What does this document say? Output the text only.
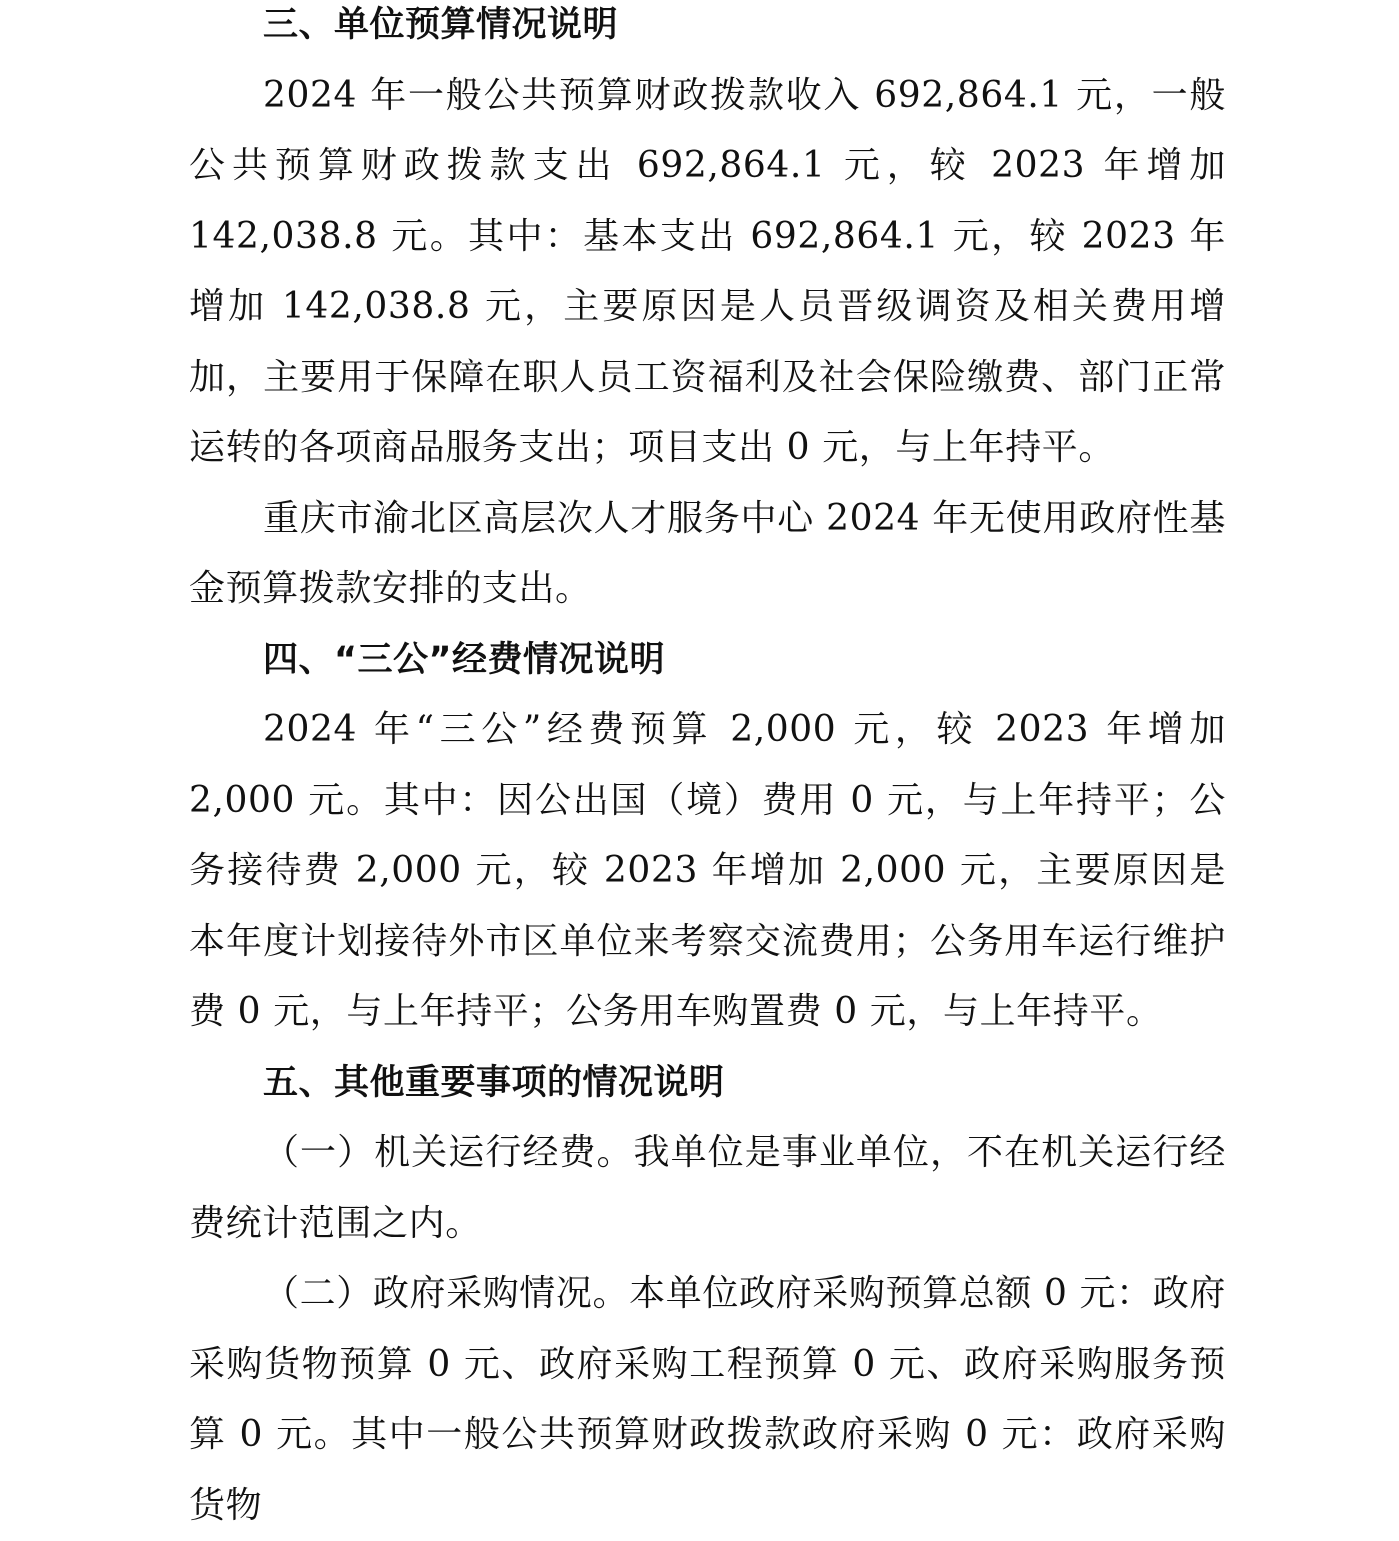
三、单位预算情况说明

2024 年一般公共预算财政拨款收入 692,864.1 元，一般公共预算财政拨款支出 692,864.1 元，较 2023 年增加 142,038.8 元。其中：基本支出 692,864.1 元，较 2023 年增加 142,038.8 元，主要原因是人员晋级调资及相关费用增加，主要用于保障在职人员工资福利及社会保险缴费、部门正常运转的各项商品服务支出；项目支出 0 元，与上年持平。

重庆市渝北区高层次人才服务中心 2024 年无使用政府性基金预算拨款安排的支出。

四、“三公”经费情况说明

2024 年“三公”经费预算 2,000 元，较 2023 年增加 2,000 元。其中：因公出国（境）费用 0 元，与上年持平；公务接待费 2,000 元，较 2023 年增加 2,000 元，主要原因是本年度计划接待外市区单位来考察交流费用；公务用车运行维护费 0 元，与上年持平；公务用车购置费 0 元，与上年持平。

五、其他重要事项的情况说明

（一）机关运行经费。我单位是事业单位，不在机关运行经费统计范围之内。

（二）政府采购情况。本单位政府采购预算总额 0 元：政府采购货物预算 0 元、政府采购工程预算 0 元、政府采购服务预算 0 元。其中一般公共预算财政拨款政府采购 0 元：政府采购货物
